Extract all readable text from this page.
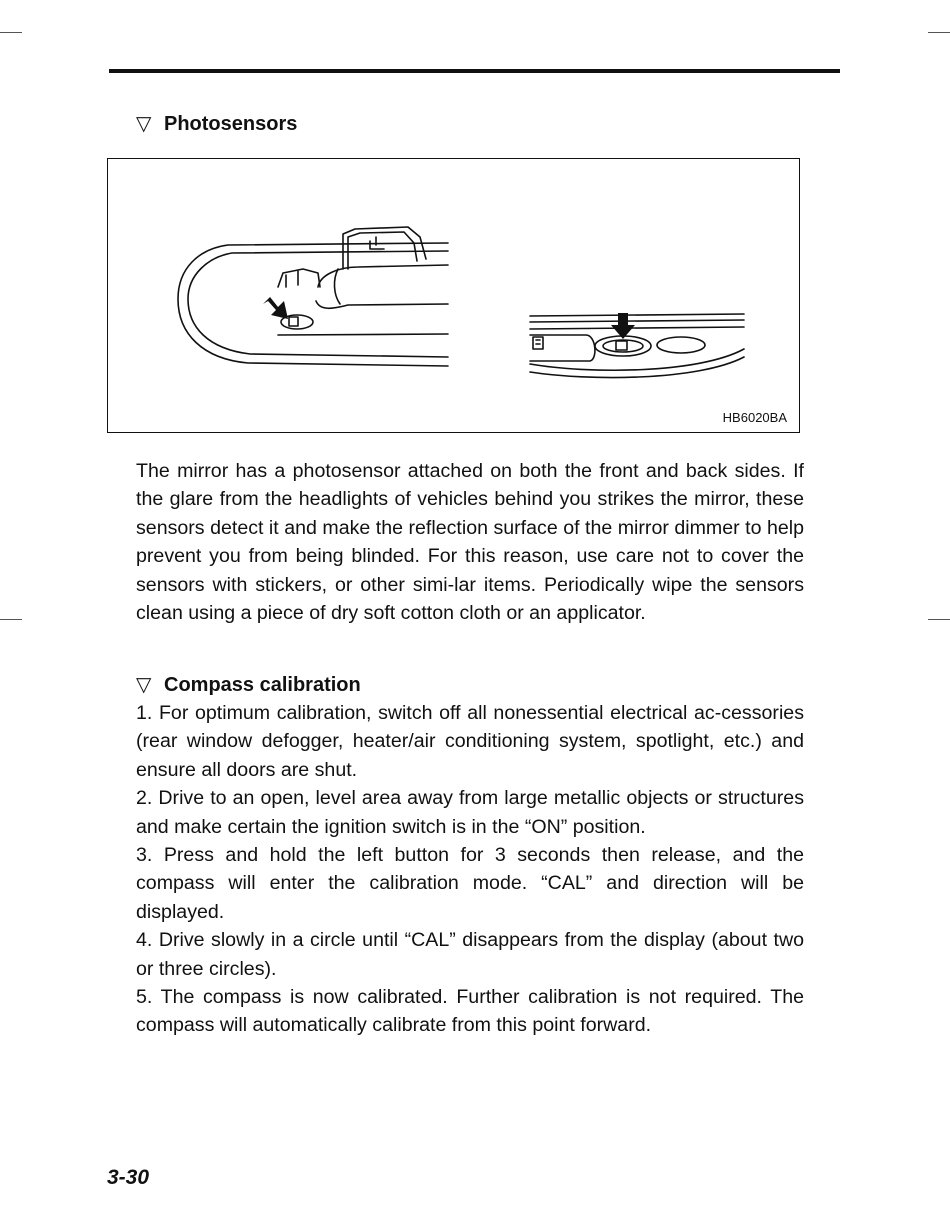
▽ Photosensors
HB6020BA

The mirror has a photosensor attached on both the front and back sides. If the glare from the headlights of vehicles behind you strikes the mirror, these sensors detect it and make the reflection surface of the mirror dimmer to help prevent you from being blinded. For this reason, use care not to cover the sensors with stickers, or other simi-lar items. Periodically wipe the sensors clean using a piece of dry soft cotton cloth or an applicator.

▽ Compass calibration
1. For optimum calibration, switch off all nonessential electrical ac-cessories (rear window defogger, heater/air conditioning system, spotlight, etc.) and ensure all doors are shut.
2. Drive to an open, level area away from large metallic objects or structures and make certain the ignition switch is in the “ON” position.
3. Press and hold the left button for 3 seconds then release, and the compass will enter the calibration mode. “CAL” and direction will be displayed.
4. Drive slowly in a circle until “CAL” disappears from the display (about two or three circles).
5. The compass is now calibrated. Further calibration is not required. The compass will automatically calibrate from this point forward.
3-30
